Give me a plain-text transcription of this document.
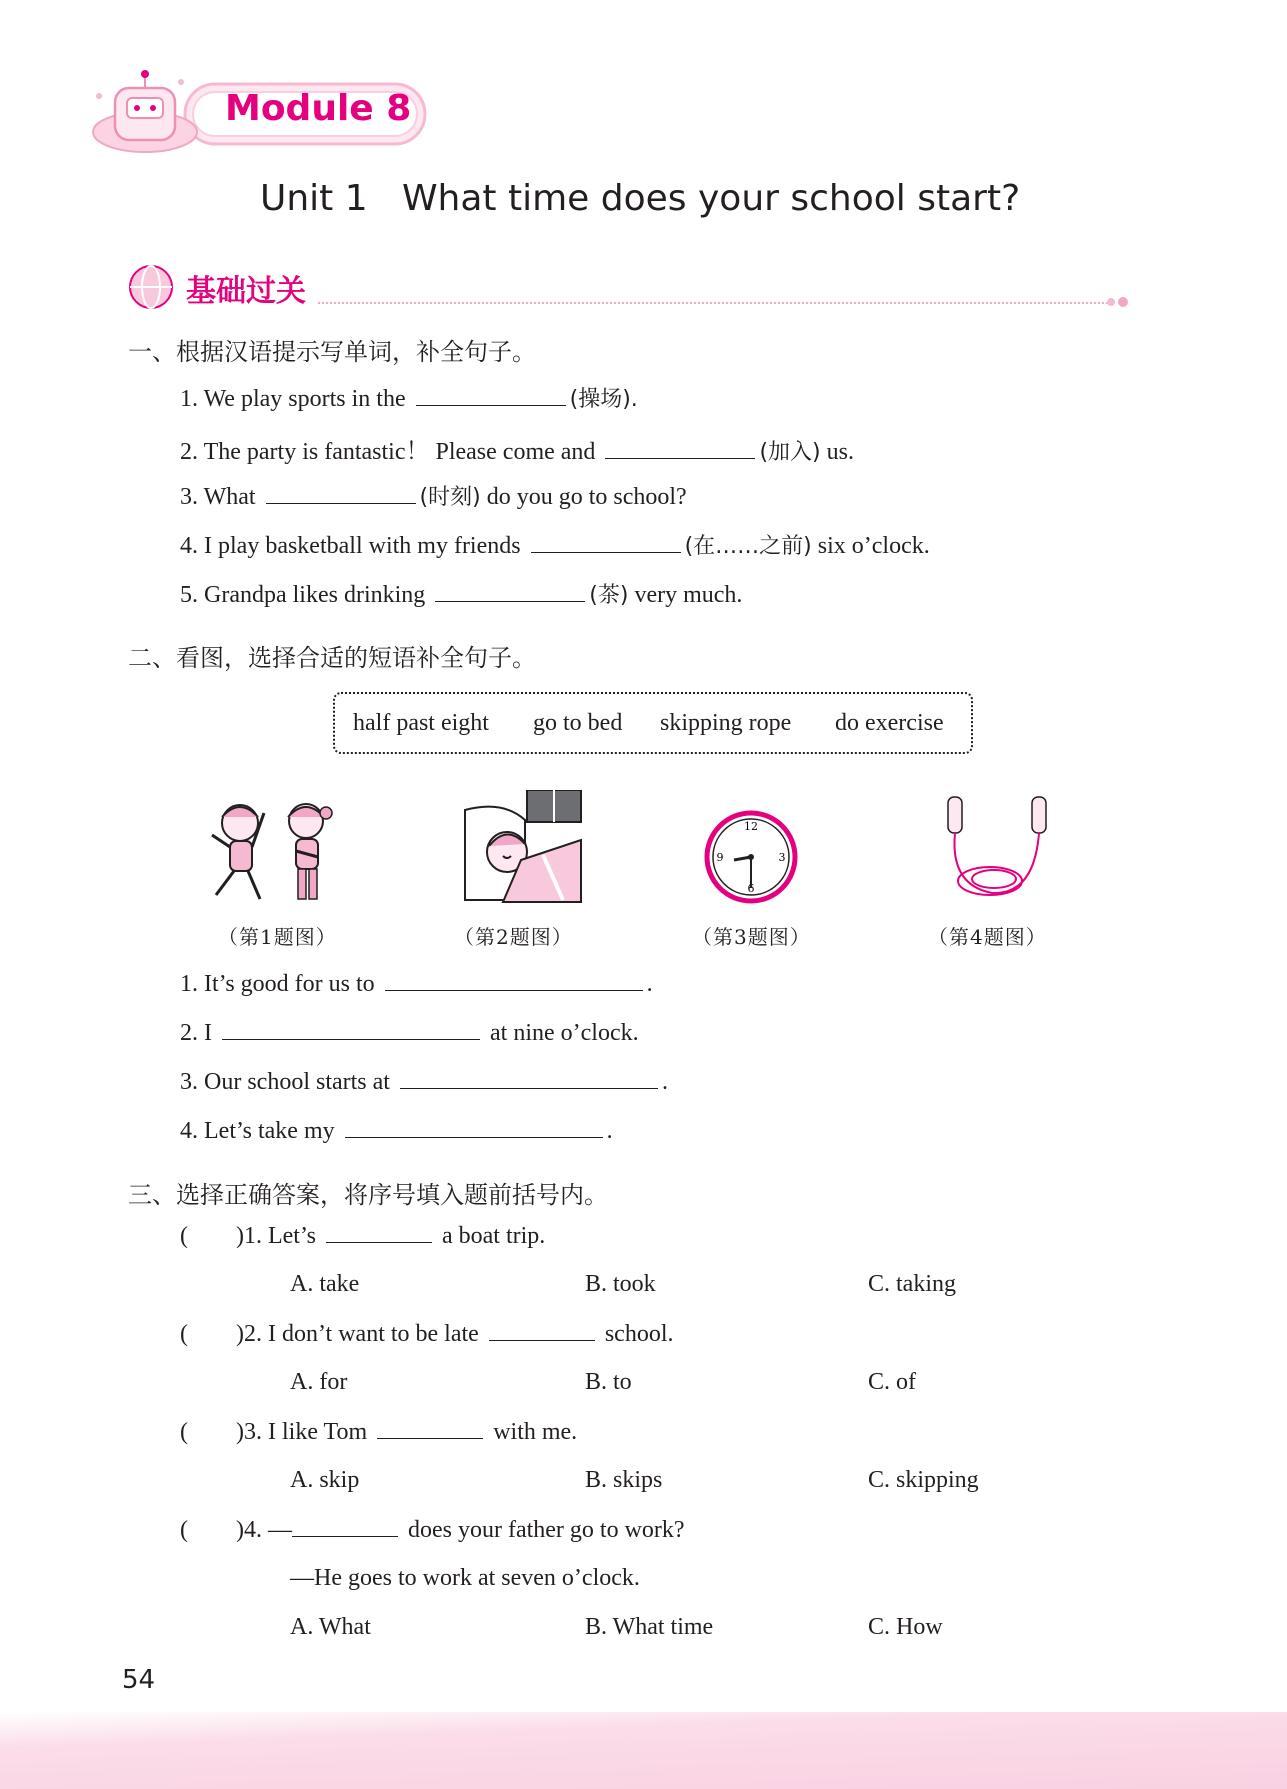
Module 8
Unit 1   What time does your school start?
基础过关
一、根据汉语提示写单词，补全句子。
1. We play sports in the	(操场).
2. The party is fantastic！ Please come and	(加入) us.
3. What	(时刻) do you go to school?
4. I play basketball with my friends	(在……之前) six o’clock.
5. Grandpa likes drinking	(茶) very much.
二、看图，选择合适的短语补全句子。
half past eight go to bed skipping rope do exercise
12
3
6
9
（第1题图）	（第2题图）	（第3题图）	（第4题图）
1. It’s good for us to	.
2. I	at nine o’clock.
3. Our school starts at	.
4. Let’s take my	.
三、选择正确答案，将序号填入题前括号内。
(        )1. Let’s	a boat trip.
A. take	B. took	C. taking
(        )2. I don’t want to be late	school.
A. for	B. to	C. of
(        )3. I like Tom	with me.
A. skip	B. skips	C. skipping
(        )4. —	does your father go to work?
—He goes to work at seven o’clock.
A. What	B. What time	C. How
54
